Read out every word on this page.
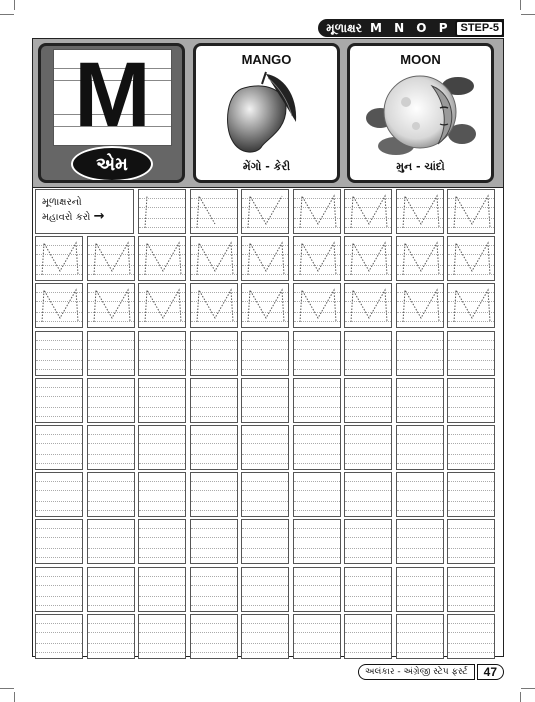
મૂળાક્ષર M N O P STEP-5
M
એમ
MANGO
મેંગો - કેરી
MOON
મુન - ચાંદો
મૂળાક્ષરનો
મહાવરો કરો →
અલંકાર - અંગ્રેજી સ્ટેપ ફર્સ્ટ	47
